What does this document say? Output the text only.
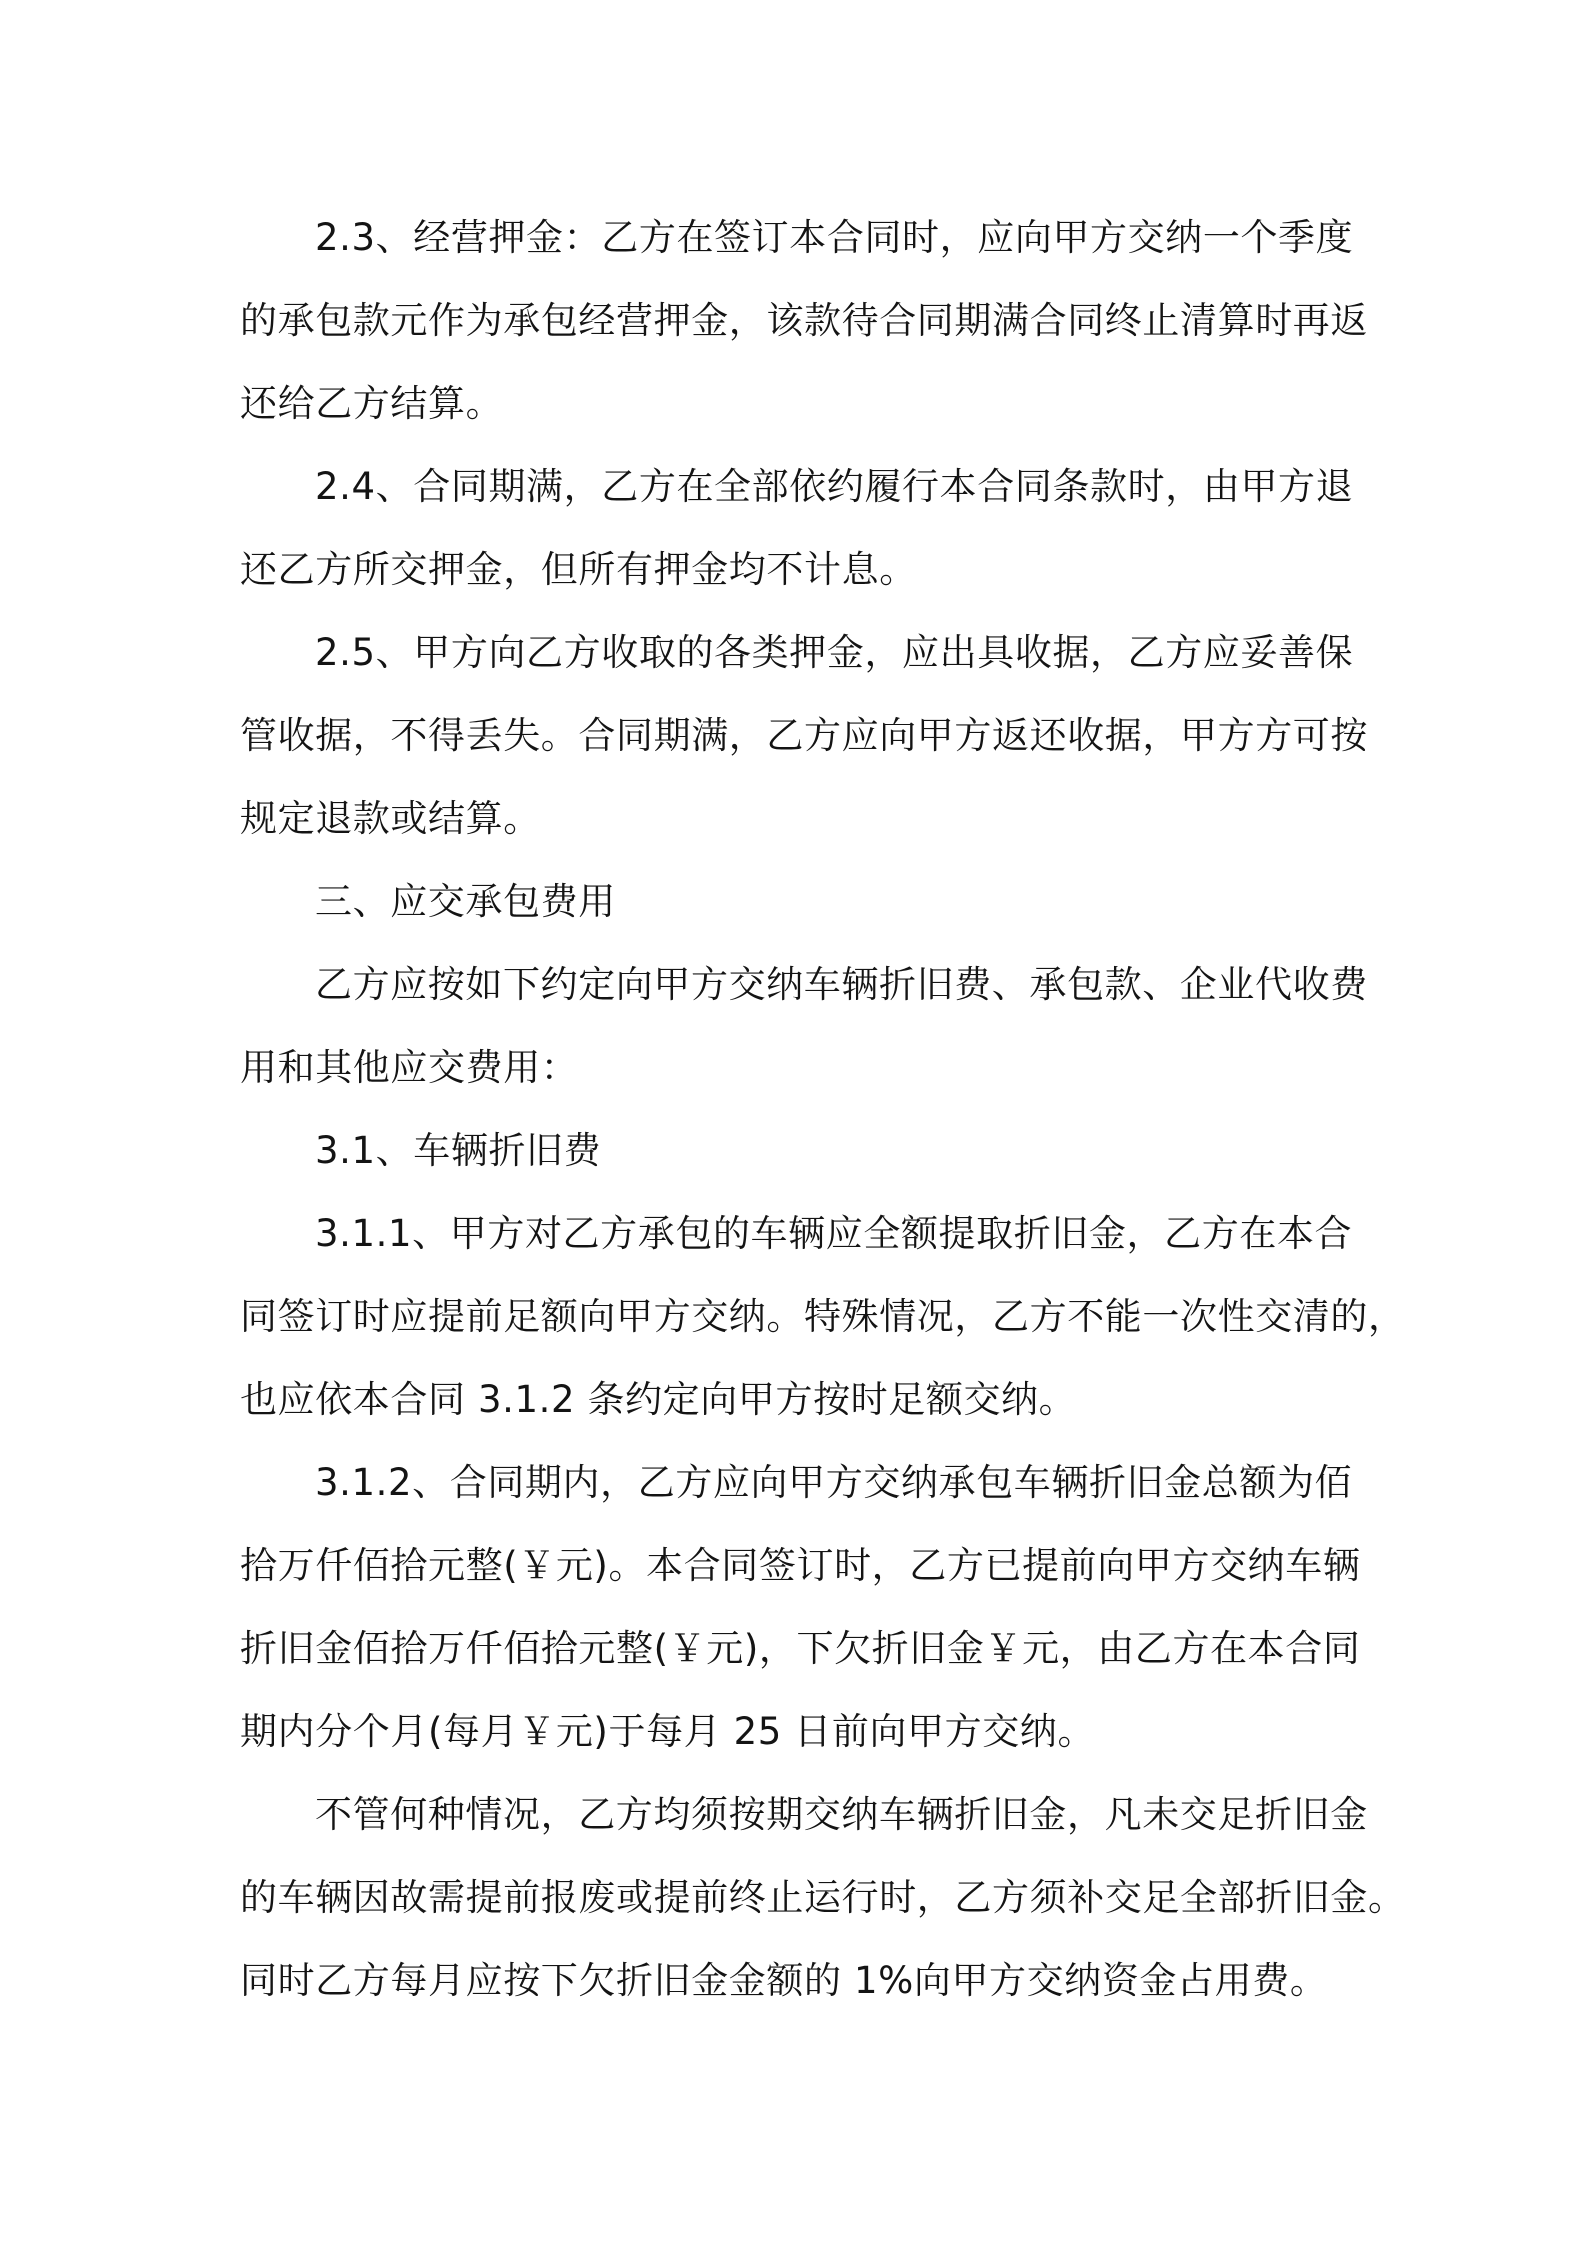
2.3、经营押金：乙方在签订本合同时，应向甲方交纳一个季度
的承包款元作为承包经营押金，该款待合同期满合同终止清算时再返
还给乙方结算。

2.4、合同期满，乙方在全部依约履行本合同条款时，由甲方退
还乙方所交押金，但所有押金均不计息。

2.5、甲方向乙方收取的各类押金，应出具收据，乙方应妥善保
管收据，不得丢失。合同期满，乙方应向甲方返还收据，甲方方可按
规定退款或结算。

三、应交承包费用

乙方应按如下约定向甲方交纳车辆折旧费、承包款、企业代收费
用和其他应交费用：

3.1、车辆折旧费

3.1.1、甲方对乙方承包的车辆应全额提取折旧金，乙方在本合
同签订时应提前足额向甲方交纳。特殊情况，乙方不能一次性交清的，
也应依本合同 3.1.2 条约定向甲方按时足额交纳。

3.1.2、合同期内，乙方应向甲方交纳承包车辆折旧金总额为佰
拾万仟佰拾元整(￥元)。本合同签订时，乙方已提前向甲方交纳车辆
折旧金佰拾万仟佰拾元整(￥元)，下欠折旧金￥元，由乙方在本合同
期内分个月(每月￥元)于每月 25 日前向甲方交纳。

不管何种情况，乙方均须按期交纳车辆折旧金，凡未交足折旧金
的车辆因故需提前报废或提前终止运行时，乙方须补交足全部折旧金。
同时乙方每月应按下欠折旧金金额的 1%向甲方交纳资金占用费。
